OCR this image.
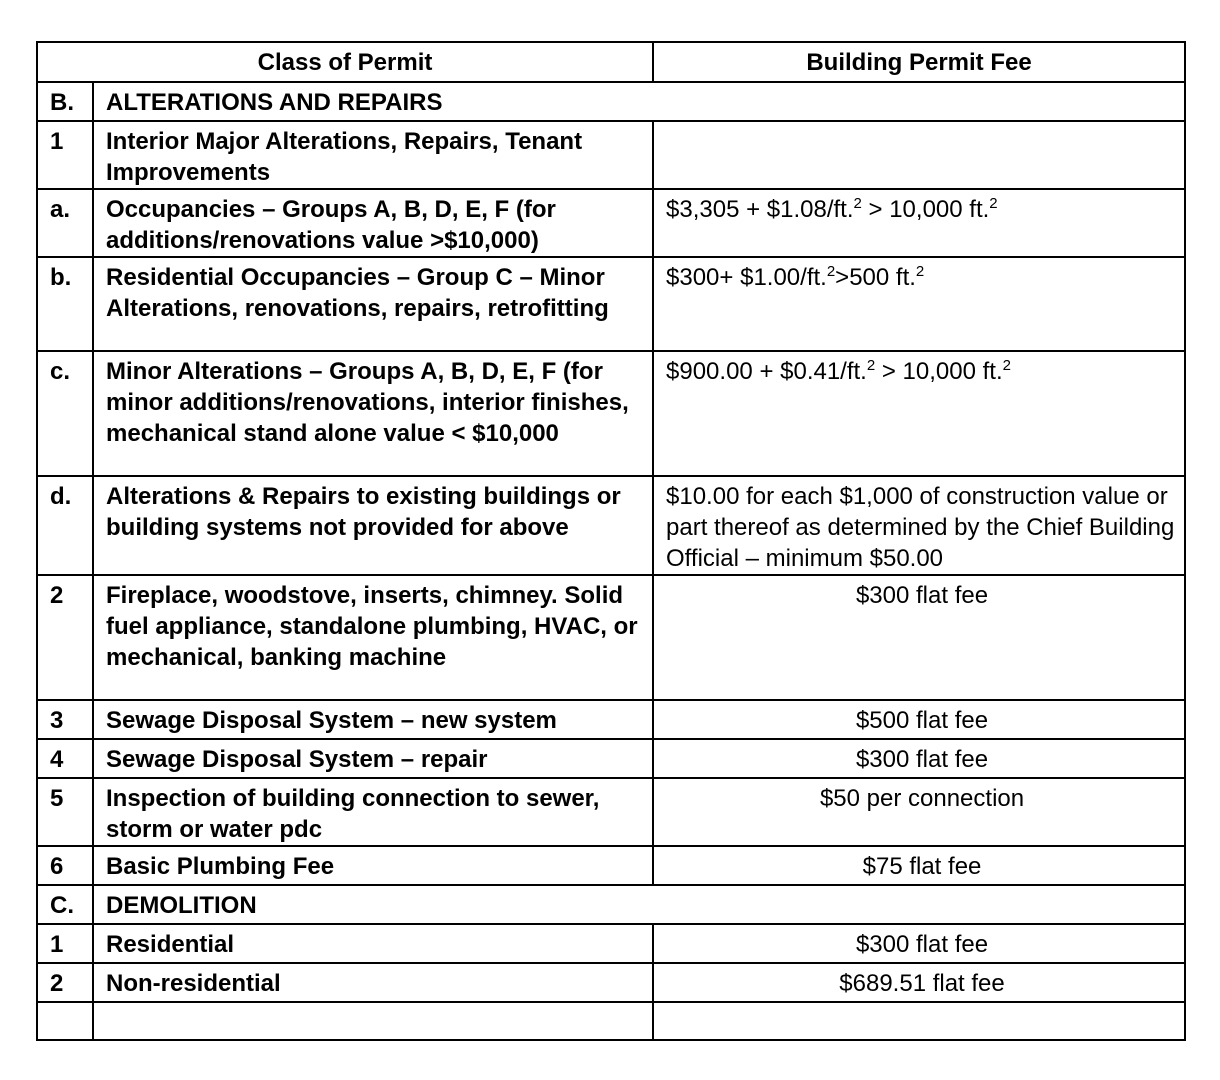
Class of Permit		Building Permit Fee
B.	ALTERATIONS AND REPAIRS	
1	Interior Major Alterations, Repairs, Tenant Improvements	
a.	Occupancies – Groups A, B, D, E, F (for additions/renovations value >$10,000)	$3,305 + $1.08/ft.$^2$ > 10,000 ft.$^2$
b.	Residential Occupancies – Group C – Minor Alterations, renovations, repairs, retrofitting	$300+ $1.00/ft.$^2$>500 ft.$^2$
c.	Minor Alterations – Groups A, B, D, E, F (for minor additions/renovations, interior finishes, mechanical stand alone value < $10,000	$900.00 + $0.41/ft.$^2$ > 10,000 ft.$^2$
d.	Alterations & Repairs to existing buildings or building systems not provided for above	$10.00 for each $1,000 of construction value or part thereof as determined by the Chief Building Official – minimum $50.00
2	Fireplace, woodstove, inserts, chimney. Solid fuel appliance, standalone plumbing, HVAC, or mechanical, banking machine	$300 flat fee
3	Sewage Disposal System – new system	$500 flat fee
4	Sewage Disposal System – repair	$300 flat fee
5	Inspection of building connection to sewer, storm or water pdc	$50 per connection
6	Basic Plumbing Fee	$75 flat fee
C.	DEMOLITION	
1	Residential	$300 flat fee
2	Non-residential	$689.51 flat fee
